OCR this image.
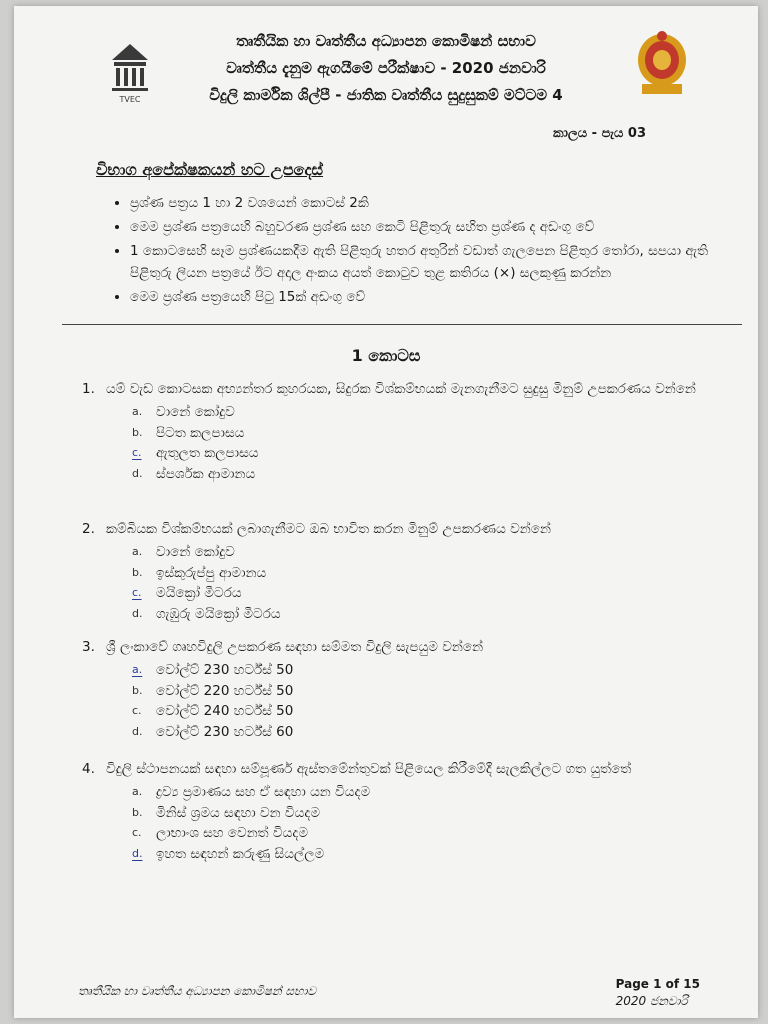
TVEC
තෘතීයික හා වෘත්තීය අධ්‍යාපන කොමිෂන් සභාව
වෘත්තීය දැනුම ඇගයීමේ පරීක්ෂාව - 2020 ජනවාරි
විදුලි කාර්මික ශිල්පී - ජාතික වෘත්තීය සුදුසුකම් මට්ටම 4
කාලය - පැය 03
විභාග අපේක්ෂකයන් හට උපදෙස්
• ප්‍රශ්ණ පත්‍රය 1 හා 2 වශයෙන් කොටස් 2කි
• මෙම ප්‍රශ්ණ පත්‍රයෙහි බහුවරණ ප්‍රශ්ණ සහ කෙටි පිළිතුරු සහිත ප්‍රශ්ණ ද අඩංගු වේ
• 1 කොටසෙහි සෑම ප්‍රශ්ණයකදීම ඇති පිළිතුරු හතර අතුරින් වඩාත් ගැලපෙන පිළිතුර තෝරා, සපයා ඇති පිළිතුරු ලියන පත්‍රයේ ඊට අදාල අංකය අයත් කොටුව තුළ කතිරය (×) සලකුණු කරන්න
• මෙම ප්‍රශ්ණ පත්‍රයෙහි පිටු 15ක් අඩංගු වේ
1 කොටස
1. යම් වැඩ කොටසක අභ්‍යන්තර කුහරයක, සිදුරක විශ්කම්භයක් මැනගැනීමට සුදුසු මිනුම් උපකරණය වන්නේ
a.	වානේ කෝදුව
b.	පිටත කලපාසය
c.	ඇතුලත කලපාසය
d.	ස්පර්ශක ආමානය
2. කම්බියක විශ්කම්භයක් ලබාගැනීමට ඔබ භාවිත කරන මිනුම් උපකරණය වන්නේ
a.	වානේ කෝදුව
b.	ඉස්කුරුප්පු ආමානය
c.	මයික්‍රෝ මීටරය
d.	ගැඹුරු මයික්‍රෝ මීටරය
3. ශ්‍රී ලංකාවේ ගෘහවිදුලි උපකරණ සඳහා සම්මත විදුලි සැපයුම වන්නේ
a.	වෝල්ට් 230 හර්ට්ස් 50
b.	වෝල්ට් 220 හර්ට්ස් 50
c.	වෝල්ට් 240 හර්ට්ස් 50
d.	වෝල්ට් 230 හර්ට්ස් 60
4. විදුලි ස්ථාපනයක් සඳහා සම්පූර්ණ ඇස්තමේන්තුවක් පිළියෙල කිරීමේදී සැලකිල්ලට ගත යුත්තේ
a.	ද්‍රව්‍ය ප්‍රමාණය සහ ඒ සඳහා යන වියදම
b.	මිනිස් ශ්‍රමය සඳහා වන වියදම
c.	ලාභාංශ සහ වෙනත් වියදම
d.	ඉහත සඳහන් කරුණු සියල්ලම
තෘතීයික හා වෘත්තීය අධ්‍යාපන කොමිෂන් සභාව	Page 1 of 15
2020 ජනවාරි
